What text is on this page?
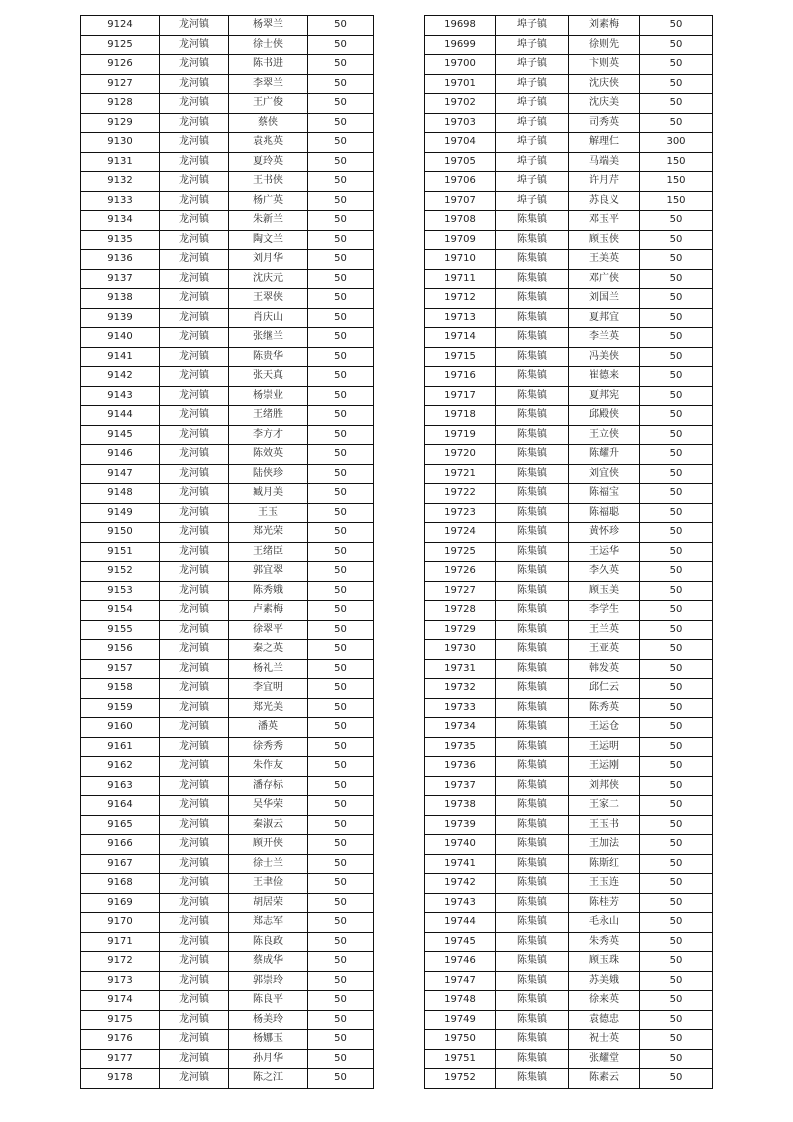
9124	龙河镇	杨翠兰	50
9125	龙河镇	徐士侠	50
9126	龙河镇	陈书进	50
9127	龙河镇	李翠兰	50
9128	龙河镇	王广俊	50
9129	龙河镇	蔡侠	50
9130	龙河镇	袁兆英	50
9131	龙河镇	夏玲英	50
9132	龙河镇	王书侠	50
9133	龙河镇	杨广英	50
9134	龙河镇	朱新兰	50
9135	龙河镇	陶文兰	50
9136	龙河镇	刘月华	50
9137	龙河镇	沈庆元	50
9138	龙河镇	王翠侠	50
9139	龙河镇	肖庆山	50
9140	龙河镇	张继兰	50
9141	龙河镇	陈贵华	50
9142	龙河镇	张天真	50
9143	龙河镇	杨崇业	50
9144	龙河镇	王绪胜	50
9145	龙河镇	李方才	50
9146	龙河镇	陈效英	50
9147	龙河镇	陆侠珍	50
9148	龙河镇	臧月美	50
9149	龙河镇	王玉	50
9150	龙河镇	郑光荣	50
9151	龙河镇	王绪臣	50
9152	龙河镇	郭宜翠	50
9153	龙河镇	陈秀娥	50
9154	龙河镇	卢素梅	50
9155	龙河镇	徐翠平	50
9156	龙河镇	秦之英	50
9157	龙河镇	杨礼兰	50
9158	龙河镇	李宜明	50
9159	龙河镇	郑光美	50
9160	龙河镇	潘英	50
9161	龙河镇	徐秀秀	50
9162	龙河镇	朱作友	50
9163	龙河镇	潘存标	50
9164	龙河镇	吴华荣	50
9165	龙河镇	秦淑云	50
9166	龙河镇	顾开侠	50
9167	龙河镇	徐士兰	50
9168	龙河镇	王聿俭	50
9169	龙河镇	胡居荣	50
9170	龙河镇	郑志军	50
9171	龙河镇	陈良政	50
9172	龙河镇	蔡成华	50
9173	龙河镇	郭崇玲	50
9174	龙河镇	陈良平	50
9175	龙河镇	杨美玲	50
9176	龙河镇	杨娜玉	50
9177	龙河镇	孙月华	50
9178	龙河镇	陈之江	50
19698	埠子镇	刘素梅	50
19699	埠子镇	徐则先	50
19700	埠子镇	卞则英	50
19701	埠子镇	沈庆侠	50
19702	埠子镇	沈庆美	50
19703	埠子镇	司秀英	50
19704	埠子镇	解理仁	300
19705	埠子镇	马端美	150
19706	埠子镇	许月芹	150
19707	埠子镇	苏良义	150
19708	陈集镇	邓玉平	50
19709	陈集镇	顾玉侠	50
19710	陈集镇	王美英	50
19711	陈集镇	邓广侠	50
19712	陈集镇	刘国兰	50
19713	陈集镇	夏邦宜	50
19714	陈集镇	李兰英	50
19715	陈集镇	冯美侠	50
19716	陈集镇	崔德来	50
19717	陈集镇	夏邦宪	50
19718	陈集镇	邱殿侠	50
19719	陈集镇	王立侠	50
19720	陈集镇	陈耀升	50
19721	陈集镇	刘宜侠	50
19722	陈集镇	陈福宝	50
19723	陈集镇	陈福聪	50
19724	陈集镇	黄怀珍	50
19725	陈集镇	王运华	50
19726	陈集镇	李久英	50
19727	陈集镇	顾玉美	50
19728	陈集镇	李学生	50
19729	陈集镇	王兰英	50
19730	陈集镇	王亚英	50
19731	陈集镇	韩发英	50
19732	陈集镇	邱仁云	50
19733	陈集镇	陈秀英	50
19734	陈集镇	王运仓	50
19735	陈集镇	王运明	50
19736	陈集镇	王运刚	50
19737	陈集镇	刘邦侠	50
19738	陈集镇	王家二	50
19739	陈集镇	王玉书	50
19740	陈集镇	王加法	50
19741	陈集镇	陈斯红	50
19742	陈集镇	王玉连	50
19743	陈集镇	陈桂芳	50
19744	陈集镇	毛永山	50
19745	陈集镇	朱秀英	50
19746	陈集镇	顾玉珠	50
19747	陈集镇	苏美娥	50
19748	陈集镇	徐来英	50
19749	陈集镇	袁德忠	50
19750	陈集镇	祝士英	50
19751	陈集镇	张耀堂	50
19752	陈集镇	陈素云	50
